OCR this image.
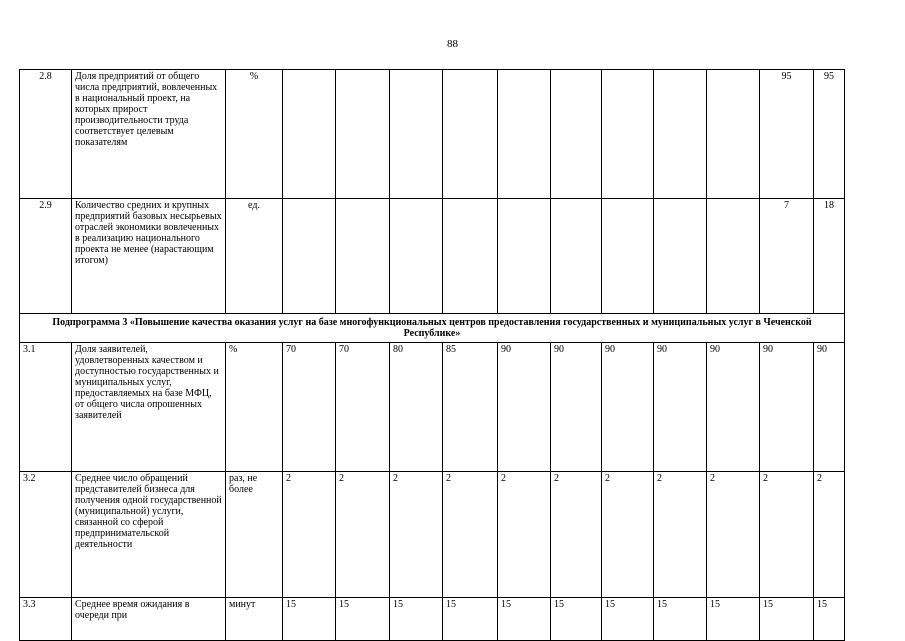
88
2.8	Доля предприятий от общего числа предприятий, вовлеченных в национальный проект, на которых прирост производительности труда соответствует целевым показателям	%										95	95
2.9	Количество средних и крупных предприятий базовых несырьевых отраслей экономики вовлеченных в реализацию национального проекта не менее (нарастающим итогом)	ед.										7	18
Подпрограмма 3 «Повышение качества оказания услуг на базе многофункциональных центров предоставления государственных и муниципальных услуг в Чеченской Республике»													
3.1	Доля заявителей, удовлетворенных качеством и доступностью государственных и муниципальных услуг, предоставляемых на базе МФЦ, от общего числа опрошенных заявителей	%	70	70	80	85	90	90	90	90	90	90	90
3.2	Среднее число обращений представителей бизнеса для получения одной государственной (муниципальной) услуги, связанной со сферой предпринимательской деятельности	раз, не более	2	2	2	2	2	2	2	2	2	2	2
3.3	Среднее время ожидания в очереди при	минут	15	15	15	15	15	15	15	15	15	15	15
